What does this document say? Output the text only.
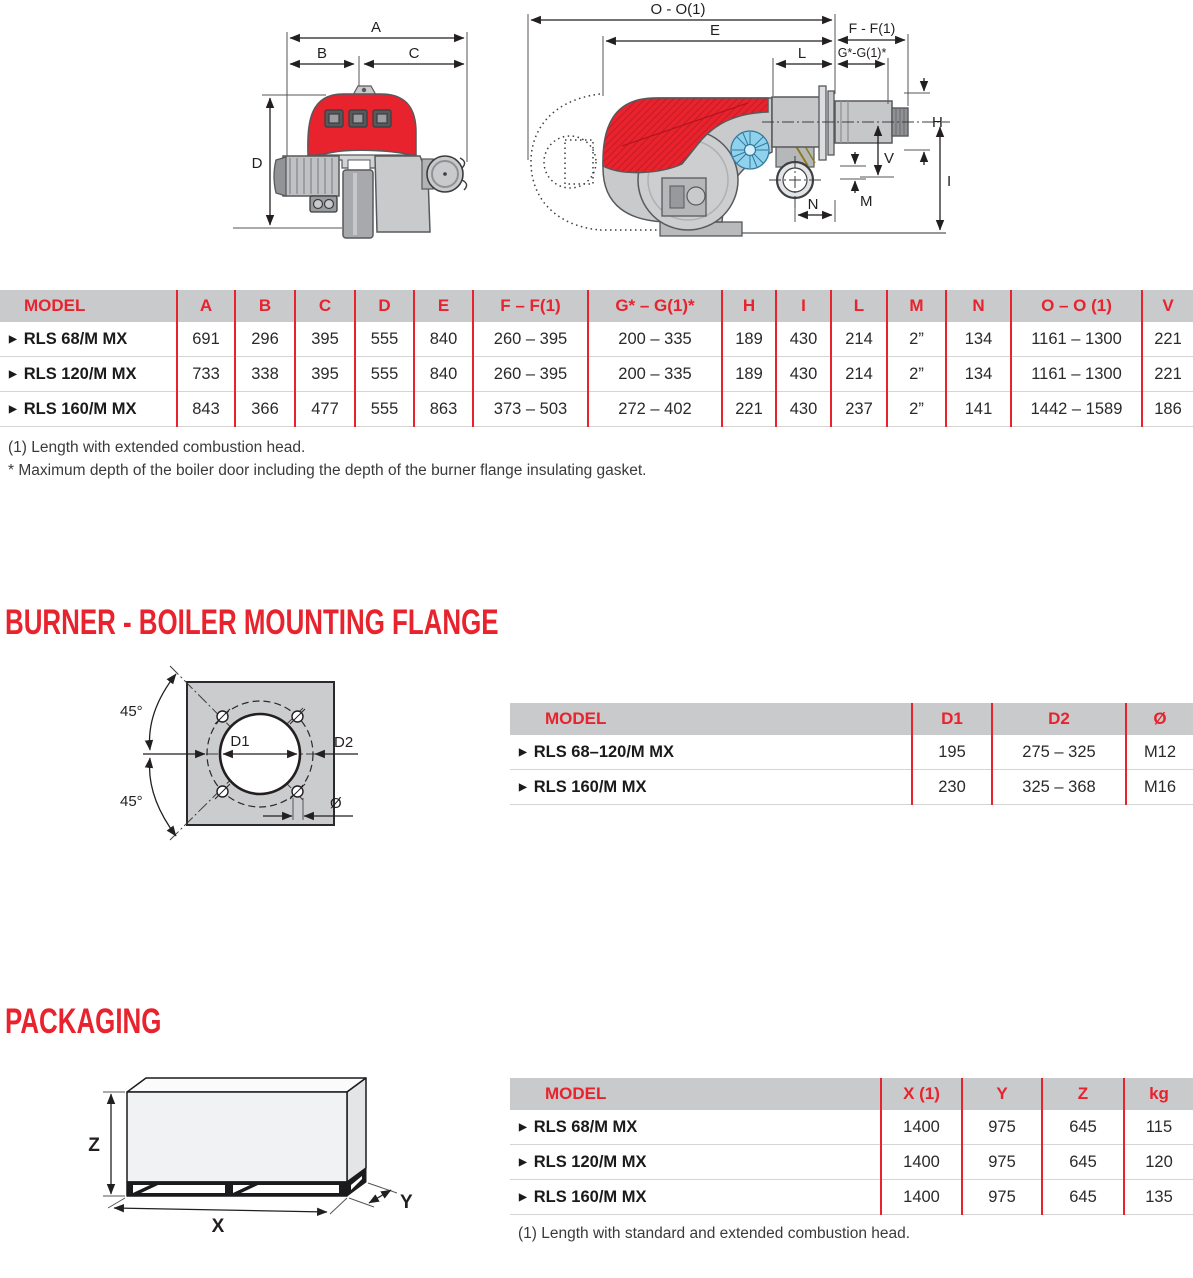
A
B	C
D
O - O(1)
E	F - F(1)
L	G*-G(1)*
H
V
I
M
N
MODEL	A	B	C	D	E	F – F(1)	G* – G(1)*	H	I	L	M	N	O – O (1)	V
▶ RLS 68/M MX	691	296	395	555	840	260 – 395	200 – 335	189	430	214	2”	134	1161 – 1300	221
▶ RLS 120/M MX	733	338	395	555	840	260 – 395	200 – 335	189	430	214	2”	134	1161 – 1300	221
▶ RLS 160/M MX	843	366	477	555	863	373 – 503	272 – 402	221	430	237	2”	141	1442 – 1589	186
(1) Length with extended combustion head.
* Maximum depth of the boiler door including the depth of the burner flange insulating gasket.
BURNER - BOILER MOUNTING FLANGE
D1	D2
Ø
45°
45°
MODEL	D1	D2	Ø
▶ RLS 68–120/M MX	195	275 – 325	M12
▶ RLS 160/M MX	230	325 – 368	M16
PACKAGING
Z
X
Y
MODEL	X (1)	Y	Z	kg
▶ RLS 68/M MX	1400	975	645	115
▶ RLS 120/M MX	1400	975	645	120
▶ RLS 160/M MX	1400	975	645	135
(1) Length with standard and extended combustion head.
